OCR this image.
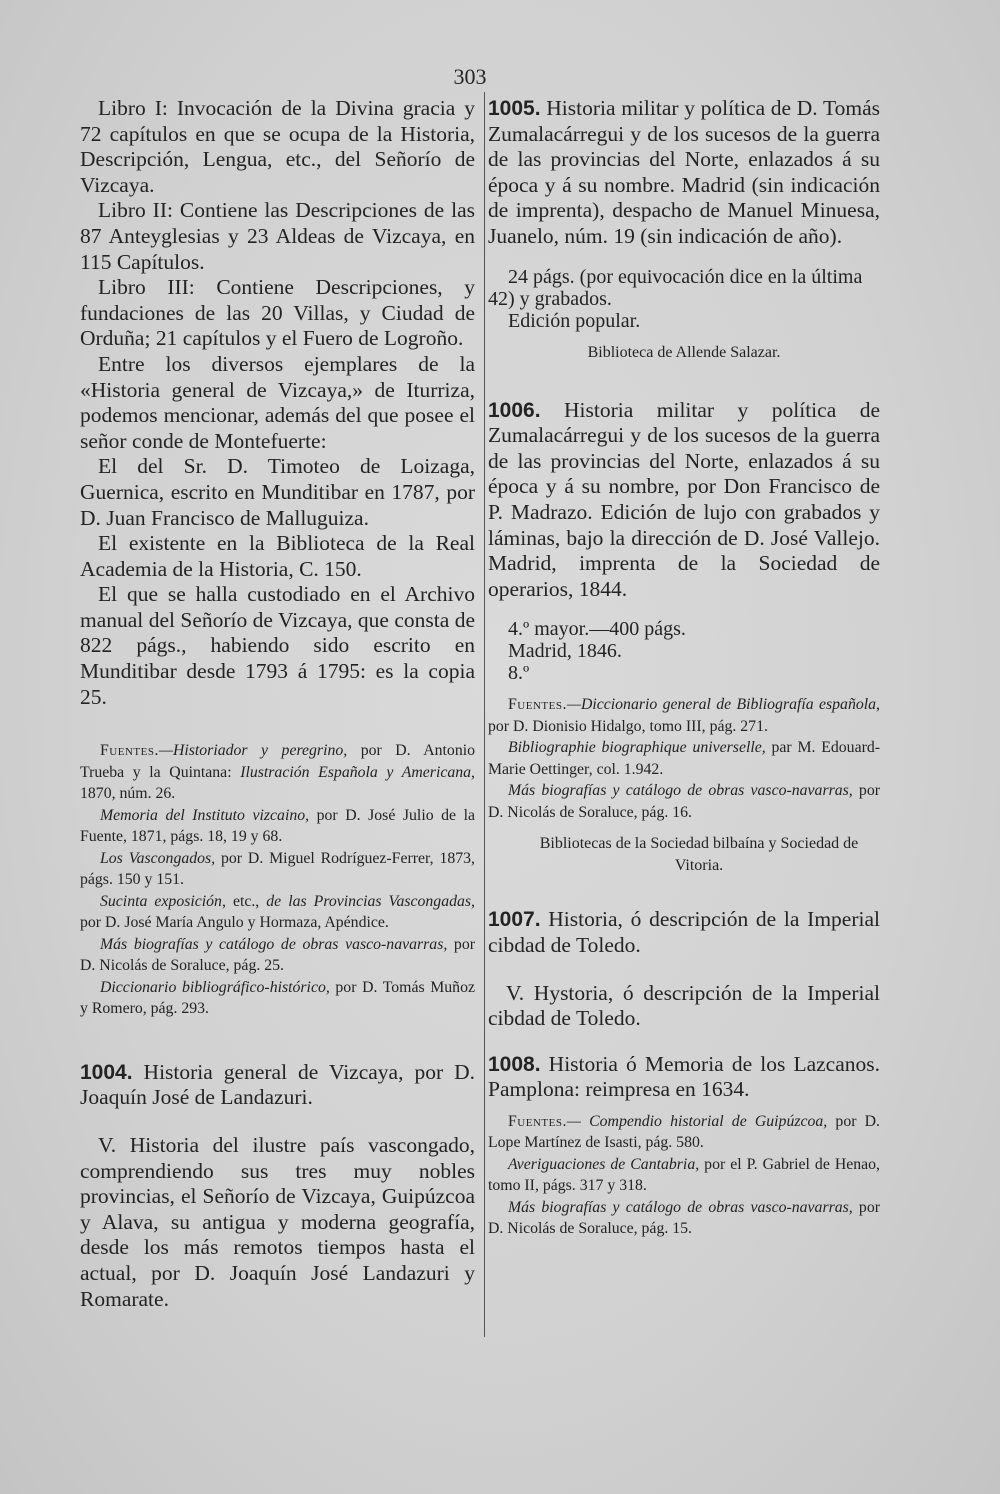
303

Libro I: Invocación de la Divina gracia y 72 capítulos en que se ocupa de la Historia, Descripción, Lengua, etc., del Señorío de Vizcaya.

Libro II: Contiene las Descripciones de las 87 Anteyglesias y 23 Aldeas de Vizcaya, en 115 Capítulos.

Libro III: Contiene Descripciones, y fundaciones de las 20 Villas, y Ciudad de Orduña; 21 capítulos y el Fuero de Logroño.

Entre los diversos ejemplares de la «Historia general de Vizcaya,» de Iturriza, podemos mencionar, además del que posee el señor conde de Montefuerte:

El del Sr. D. Timoteo de Loizaga, Guernica, escrito en Munditibar en 1787, por D. Juan Francisco de Malluguiza.

El existente en la Biblioteca de la Real Academia de la Historia, C. 150.

El que se halla custodiado en el Archivo manual del Señorío de Vizcaya, que consta de 822 págs., habiendo sido escrito en Munditibar desde 1793 á 1795: es la copia 25.

Fuentes.—Historiador y peregrino, por D. Antonio Trueba y la Quintana: Ilustración Española y Americana, 1870, núm. 26.

Memoria del Instituto vizcaino, por D. José Julio de la Fuente, 1871, págs. 18, 19 y 68.

Los Vascongados, por D. Miguel Rodríguez-Ferrer, 1873, págs. 150 y 151.

Sucinta exposición, etc., de las Provincias Vascongadas, por D. José María Angulo y Hormaza, Apéndice.

Más biografías y catálogo de obras vasco-navarras, por D. Nicolás de Soraluce, pág. 25.

Diccionario bibliográfico-histórico, por D. Tomás Muñoz y Romero, pág. 293.

1004. Historia general de Vizcaya, por D. Joaquín José de Landazuri.

V. Historia del ilustre país vascongado, comprendiendo sus tres muy nobles provincias, el Señorío de Vizcaya, Guipúzcoa y Alava, su antigua y moderna geografía, desde los más remotos tiempos hasta el actual, por D. Joaquín José Landazuri y Romarate.

1005. Historia militar y política de D. Tomás Zumalacárregui y de los sucesos de la guerra de las provincias del Norte, enlazados á su época y á su nombre. Madrid (sin indicación de imprenta), despacho de Manuel Minuesa, Juanelo, núm. 19 (sin indicación de año).

24 págs. (por equivocación dice en la última 42) y grabados.

Edición popular.

Biblioteca de Allende Salazar.

1006. Historia militar y política de Zumalacárregui y de los sucesos de la guerra de las provincias del Norte, enlazados á su época y á su nombre, por Don Francisco de P. Madrazo. Edición de lujo con grabados y láminas, bajo la dirección de D. José Vallejo. Madrid, imprenta de la Sociedad de operarios, 1844.

4.º mayor.—400 págs.

Madrid, 1846.

8.º

Fuentes.—Diccionario general de Bibliografía española, por D. Dionisio Hidalgo, tomo III, pág. 271.

Bibliographie biographique universelle, par M. Edouard-Marie Oettinger, col. 1.942.

Más biografías y catálogo de obras vasco-navarras, por D. Nicolás de Soraluce, pág. 16.

Bibliotecas de la Sociedad bilbaína y Sociedad de Vitoria.

1007. Historia, ó descripción de la Imperial cibdad de Toledo.

V. Hystoria, ó descripción de la Imperial cibdad de Toledo.

1008. Historia ó Memoria de los Lazcanos. Pamplona: reimpresa en 1634.

Fuentes.— Compendio historial de Guipúzcoa, por D. Lope Martínez de Isasti, pág. 580.

Averiguaciones de Cantabria, por el P. Gabriel de Henao, tomo II, págs. 317 y 318.

Más biografías y catálogo de obras vasco-navarras, por D. Nicolás de Soraluce, pág. 15.
